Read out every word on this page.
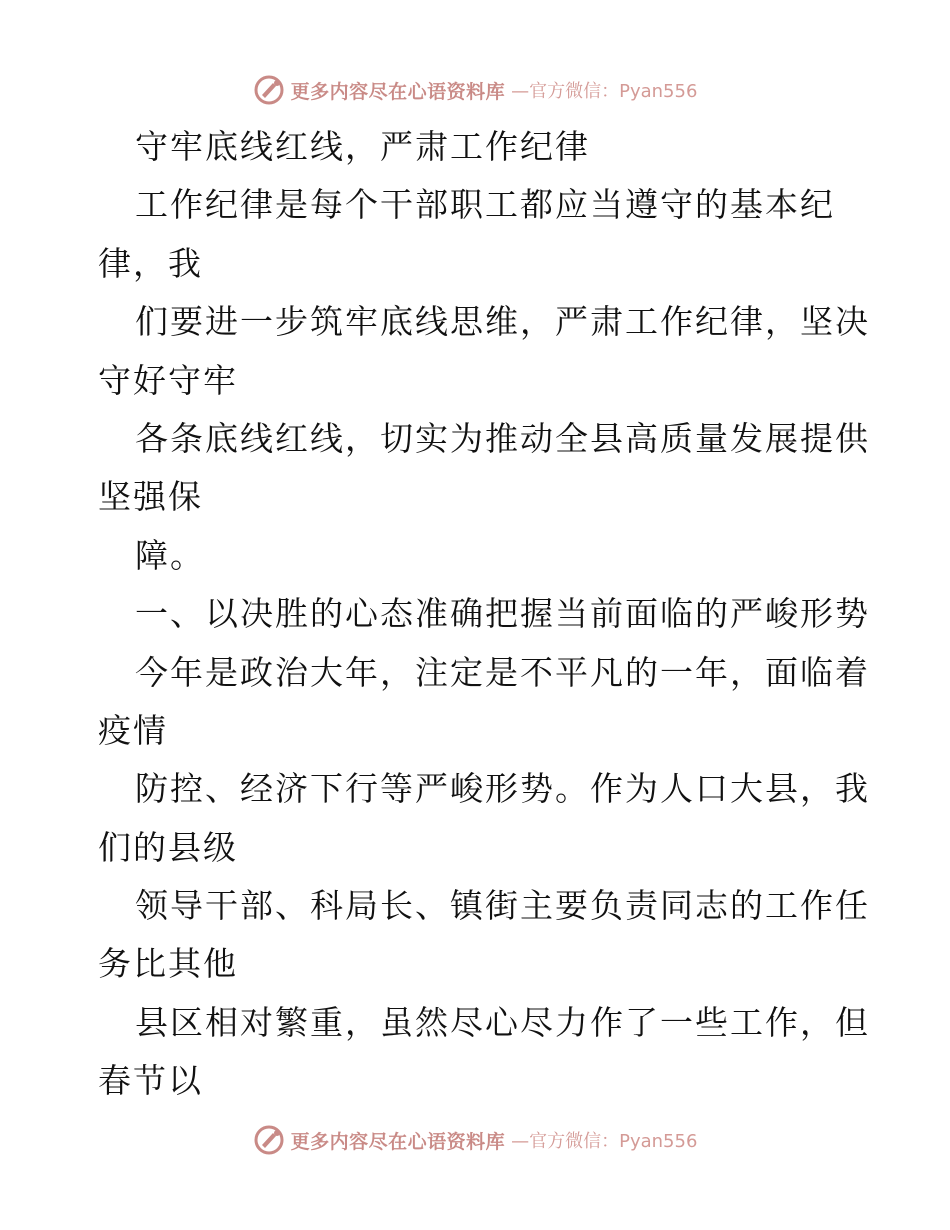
更多内容尽在心语资料库 —官方微信：Pyan556
守牢底线红线，严肃工作纪律
工作纪律是每个干部职工都应当遵守的基本纪
律，我
们要进一步筑牢底线思维，严肃工作纪律，坚决
守好守牢
各条底线红线，切实为推动全县高质量发展提供
坚强保
障。
一、以决胜的心态准确把握当前面临的严峻形势
今年是政治大年，注定是不平凡的一年，面临着
疫情
防控、经济下行等严峻形势。作为人口大县，我
们的县级
领导干部、科局长、镇街主要负责同志的工作任
务比其他
县区相对繁重，虽然尽心尽力作了一些工作，但
春节以
更多内容尽在心语资料库 —官方微信：Pyan556
